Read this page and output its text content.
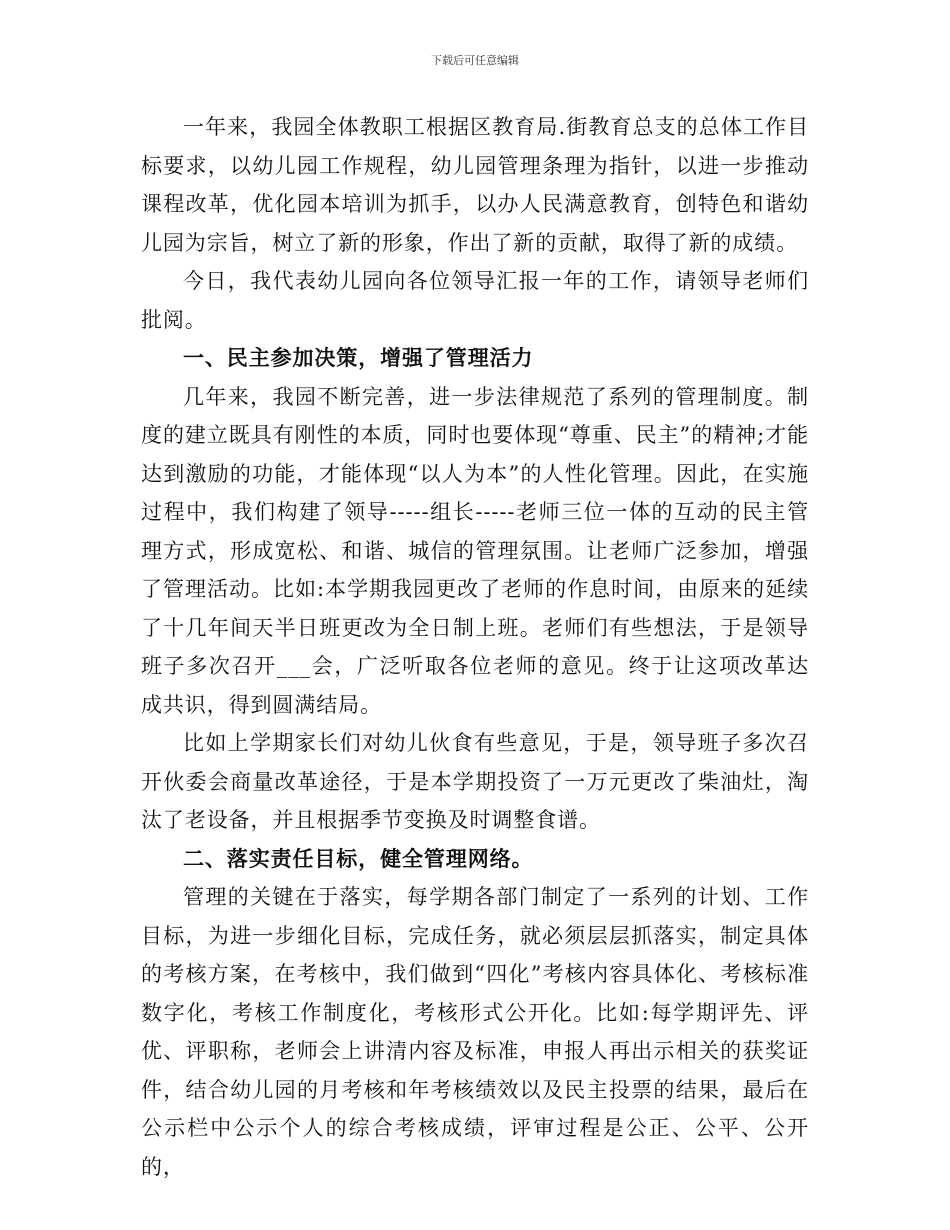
下载后可任意编辑

一年来，我园全体教职工根据区教育局.街教育总支的总体工作目标要求，以幼儿园工作规程，幼儿园管理条理为指针，以进一步推动课程改革，优化园本培训为抓手，以办人民满意教育，创特色和谐幼儿园为宗旨，树立了新的形象，作出了新的贡献，取得了新的成绩。

今日，我代表幼儿园向各位领导汇报一年的工作，请领导老师们批阅。

一、民主参加决策，增强了管理活力

几年来，我园不断完善，进一步法律规范了系列的管理制度。制度的建立既具有刚性的本质，同时也要体现“尊重、民主”的精神;才能达到激励的功能，才能体现“以人为本”的人性化管理。因此，在实施过程中，我们构建了领导-----组长-----老师三位一体的互动的民主管理方式，形成宽松、和谐、城信的管理氛围。让老师广泛参加，增强了管理活动。比如:本学期我园更改了老师的作息时间，由原来的延续了十几年间天半日班更改为全日制上班。老师们有些想法，于是领导班子多次召开___会，广泛听取各位老师的意见。终于让这项改革达成共识，得到圆满结局。

比如上学期家长们对幼儿伙食有些意见，于是，领导班子多次召开伙委会商量改革途径，于是本学期投资了一万元更改了柴油灶，淘汰了老设备，并且根据季节变换及时调整食谱。

二、落实责任目标，健全管理网络。

管理的关键在于落实，每学期各部门制定了一系列的计划、工作目标，为进一步细化目标，完成任务，就必须层层抓落实，制定具体的考核方案，在考核中，我们做到“四化”考核内容具体化、考核标准数字化，考核工作制度化，考核形式公开化。比如:每学期评先、评优、评职称，老师会上讲清内容及标准，申报人再出示相关的获奖证件，结合幼儿园的月考核和年考核绩效以及民主投票的结果，最后在公示栏中公示个人的综合考核成绩，评审过程是公正、公平、公开的，
